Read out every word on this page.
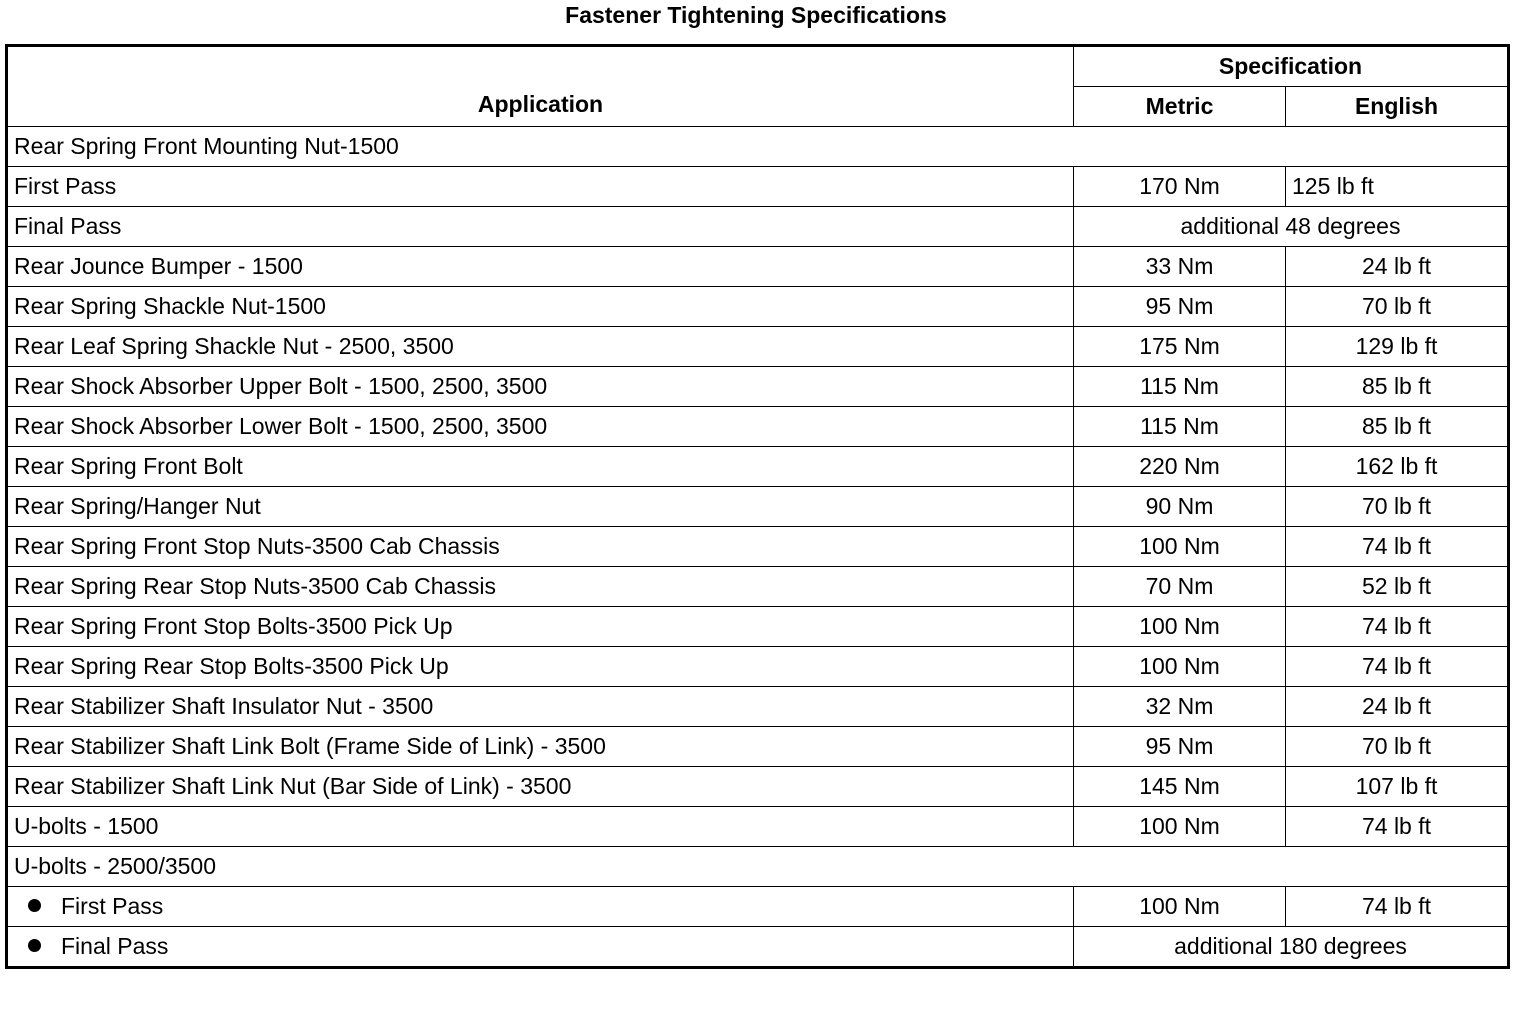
Fastener Tightening Specifications
Application	Specification	
	Metric	English
Rear Spring Front Mounting Nut-1500		
First Pass	170 Nm	125 lb ft
Final Pass	additional 48 degrees	
Rear Jounce Bumper - 1500	33 Nm	24 lb ft
Rear Spring Shackle Nut-1500	95 Nm	70 lb ft
Rear Leaf Spring Shackle Nut - 2500, 3500	175 Nm	129 lb ft
Rear Shock Absorber Upper Bolt - 1500, 2500, 3500	115 Nm	85 lb ft
Rear Shock Absorber Lower Bolt - 1500, 2500, 3500	115 Nm	85 lb ft
Rear Spring Front Bolt	220 Nm	162 lb ft
Rear Spring/Hanger Nut	90 Nm	70 lb ft
Rear Spring Front Stop Nuts-3500 Cab Chassis	100 Nm	74 lb ft
Rear Spring Rear Stop Nuts-3500 Cab Chassis	70 Nm	52 lb ft
Rear Spring Front Stop Bolts-3500 Pick Up	100 Nm	74 lb ft
Rear Spring Rear Stop Bolts-3500 Pick Up	100 Nm	74 lb ft
Rear Stabilizer Shaft Insulator Nut - 3500	32 Nm	24 lb ft
Rear Stabilizer Shaft Link Bolt (Frame Side of Link) - 3500	95 Nm	70 lb ft
Rear Stabilizer Shaft Link Nut (Bar Side of Link) - 3500	145 Nm	107 lb ft
U-bolts - 1500	100 Nm	74 lb ft
U-bolts - 2500/3500		
First Pass	100 Nm	74 lb ft
Final Pass	additional 180 degrees	
